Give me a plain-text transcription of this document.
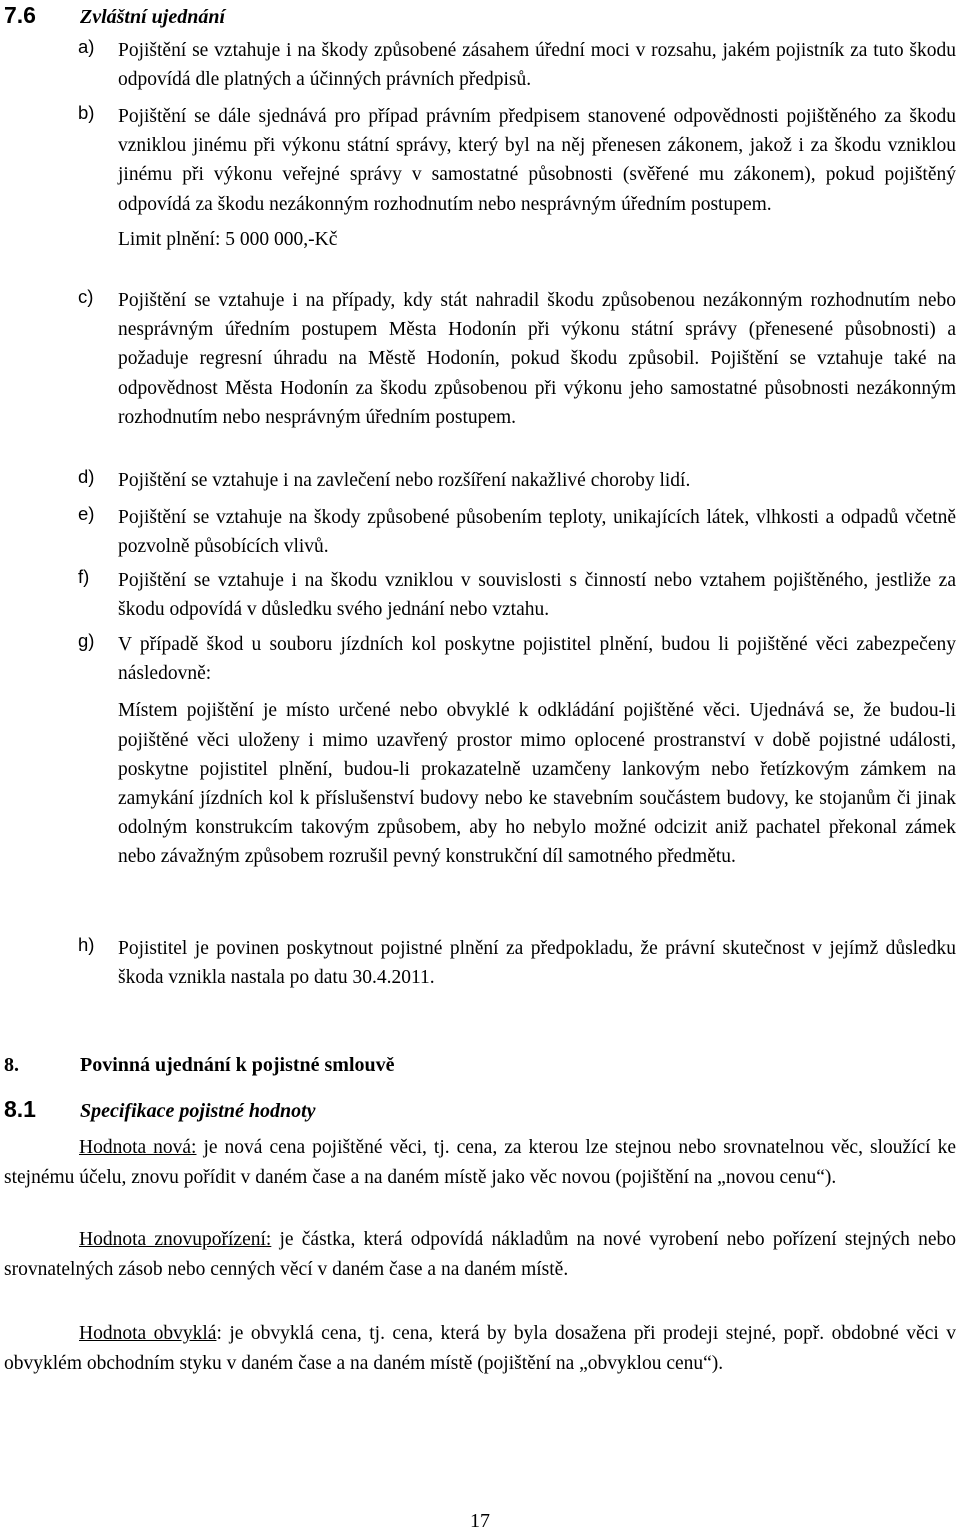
7.6	Zvláštní ujednání
a) Pojištění se vztahuje i na škody způsobené zásahem úřední moci v rozsahu, jakém pojistník za tuto škodu odpovídá dle platných a účinných právních předpisů.

b) Pojištění se dále sjednává pro případ právním předpisem stanovené odpovědnosti pojištěného za škodu vzniklou jinému při výkonu státní správy, který byl na něj přenesen zákonem, jakož i za škodu vzniklou jinému při výkonu veřejné správy v samostatné působnosti (svěřené mu zákonem), pokud pojištěný odpovídá za škodu nezákonným rozhodnutím nebo nesprávným úředním postupem.

Limit plnění: 5 000 000,-Kč

c) Pojištění se vztahuje i na případy, kdy stát nahradil škodu způsobenou nezákonným rozhodnutím nebo nesprávným úředním postupem Města Hodonín při výkonu státní správy (přenesené působnosti) a požaduje regresní úhradu na Městě Hodonín, pokud škodu způsobil. Pojištění se vztahuje také na odpovědnost Města Hodonín za škodu způsobenou při výkonu jeho samostatné působnosti nezákonným rozhodnutím nebo nesprávným úředním postupem.

d) Pojištění se vztahuje i na zavlečení nebo rozšíření nakažlivé choroby lidí.

e) Pojištění se vztahuje na škody způsobené působením teploty, unikajících látek, vlhkosti a odpadů včetně pozvolně působících vlivů.

f) Pojištění se vztahuje i na škodu vzniklou v souvislosti s činností nebo vztahem pojištěného, jestliže za škodu odpovídá v důsledku svého jednání nebo vztahu.

g) V případě škod u souboru jízdních kol poskytne pojistitel plnění, budou li pojištěné věci zabezpečeny následovně:

Místem pojištění je místo určené nebo obvyklé k odkládání pojištěné věci. Ujednává se, že budou-li pojištěné věci uloženy i mimo uzavřený prostor mimo oplocené prostranství v době pojistné události, poskytne pojistitel plnění, budou-li prokazatelně uzamčeny lankovým nebo řetízkovým zámkem na zamykání jízdních kol k příslušenství budovy nebo ke stavebním součástem budovy, ke stojanům či jinak odolným konstrukcím takovým způsobem, aby ho nebylo možné odcizit aniž pachatel překonal zámek nebo závažným způsobem rozrušil pevný konstrukční díl samotného předmětu.

h) Pojistitel je povinen poskytnout pojistné plnění za předpokladu, že právní skutečnost v jejímž důsledku škoda vznikla nastala po datu 30.4.2011.

8.	Povinná ujednání k pojistné smlouvě
8.1	Specifikace pojistné hodnoty

Hodnota nová: je nová cena pojištěné věci, tj. cena, za kterou lze stejnou nebo srovnatelnou věc, sloužící ke stejnému účelu, znovu pořídit v daném čase a na daném místě jako věc novou (pojištění na „novou cenu“).

Hodnota znovupořízení: je částka, která odpovídá nákladům na nové vyrobení nebo pořízení stejných nebo srovnatelných zásob nebo cenných věcí v daném čase a na daném místě.

Hodnota obvyklá: je obvyklá cena, tj. cena, která by byla dosažena při prodeji stejné, popř. obdobné věci v obvyklém obchodním styku v daném čase a na daném místě (pojištění na „obvyklou cenu“).

17
